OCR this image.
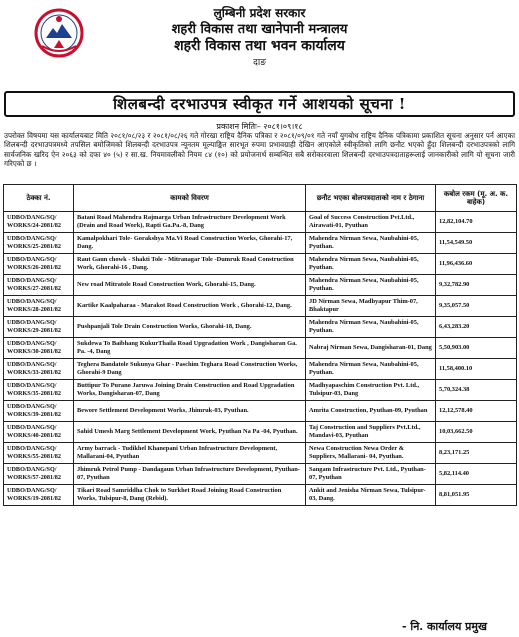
लुम्बिनी प्रदेश सरकार
शहरी विकास तथा खानेपानी मन्त्रालय
शहरी विकास तथा भवन कार्यालय
दाङ
शिलबन्दी दरभाउपत्र स्वीकृत गर्ने आशयको सूचना !
प्रकाशन मितिः– २०८१।०९।१८
उपरोक्त विषयमा यस कार्यालयबाट मिति २०८१/०८/२३ र २०८१/०८/२६ गते गोरखा राष्ट्रिय दैनिक पत्रिका र २०८१/०९/०१ गते नयाँ युगबोध राष्ट्रिय दैनिक पत्रिकामा प्रकाशित सूचना अनुसार पर्न आएका शिलबन्दी दरभाउपत्रमध्ये तपसिल बमोजिमको शिलबन्दी दरभाउपत्र न्यूनतम मूल्याङ्कित सारभूत रुपमा प्रभावग्राही देखिन आएकोले स्वीकृतिको लागि छनौट भएको हुँदा शिलबन्दी दरभाउपत्रको लागि सार्वजनिक खरिद ऐन २०६३ को दफा ४० (५) र सा.ख. नियमावलीको नियम ८४ (१०) को प्रयोजनार्थ सम्बन्धित सबै सरोकारवाला शिलबन्दी दरभाउपत्रदाताहरूलाई जानकारीको लागि यो सूचना जारी गरिएको छ ।
ठेक्का नं.	कामको विवरण	छनौट भएका बोलपत्रदाताको नाम र ठेगाना	कबोल रकम (मू. अ. क. बाहेक)
UDBO/DANG/SQ/ WORKS/24-2081/82	Batani Road Mahendra Rajmarga Urban Infrastructure Development Work (Drain and Road Work), Rapti Ga.Pa.-8, Dang	Goal of Success Construction Pvt.Ltd., Airawati-01, Pyuthan	12,82,104.70
UDBO/DANG/SQ/ WORKS/25-2081/82	Kamalpokhari Tole- Gorakshya Ma.Vi Road Construction Works, Ghorahi-17, Dang.	Mahendra Nirman Sewa, Naubahini-05, Pyuthan.	11,54,549.50
UDBO/DANG/SQ/ WORKS/26-2081/82	Raut Gaun chowk - Shakti Tole - Mitranagar Tole -Dumruk Road Construction Work, Ghorahi-16 , Dang.	Mahendra Nirman Sewa, Naubahini-05, Pyuthan.	11,96,436.60
UDBO/DANG/SQ/ WORKS/27-2081/82	New road Mitratole Road Construction Work, Ghorahi-15, Dang.	Mahendra Nirman Sewa, Naubahini-05, Pyuthan.	9,32,782.90
UDBO/DANG/SQ/ WORKS/28-2081/82	Kartike Kaalpaharaa - Marakot Road Construction Work , Ghorahi-12, Dang.	JD Nirman Sewa, Madhyapur Thim-07, Bhaktapur	9,35,057.50
UDBO/DANG/SQ/ WORKS/29-2081/82	Pushpanjali Tole Drain Construction Works, Ghorahi-18, Dang.	Mahendra Nirman Sewa, Naubahini-05, Pyuthan.	6,43,283.20
UDBO/DANG/SQ/ WORKS/30-2081/82	Sukdewa To Baibhang KukurThaila Road Upgradation Work , Dangisharan Ga. Pa. -4, Dang	Nabraj Nirman Sewa, Dangisharan-01, Dang	5,50,903.00
UDBO/DANG/SQ/ WORKS/33-2081/82	Teghera Bandatole Sukunya Ghar - Paschim Teghara Road Construction Works, Ghorahi-9 Dang	Mahendra Nirman Sewa, Naubahini-05, Pyuthan.	11,58,400.10
UDBO/DANG/SQ/ WORKS/35-2081/82	Buttipur To Purano Jaruwa Joining Drain Construction and Road Upgradation Works, Dangisharan-07, Dang	Madhyapaschim Construction Pvt. Ltd., Tulsipur-03, Dang	5,70,324.38
UDBO/DANG/SQ/ WORKS/39-2081/82	Bewore Settlement Development Works, Jhimruk-03, Pyuthan.	Amrita Construction, Pyuthan-09, Pyuthan	12,12,578.40
UDBO/DANG/SQ/ WORKS/40-2081/82	Sahid Umesh Marg Settlement Development Work, Pyuthan Na Pa -04, Pyuthan.	Taj Construction and Suppliers Pvt.Ltd., Mandavi-03, Pyuthan	10,03,662.50
UDBO/DANG/SQ/ WORKS/55-2081/82	Army barrack - Tudikhel Khanepani Urban Infrastructure Development, Mallarani-04, Pyuthan	Newa Construction Newa Order & Suppliers, Mallarani- 04, Pyuthan.	8,23,171.25
UDBO/DANG/SQ/ WORKS/57-2081/82	Jhimruk Petrol Pump - Dandagaun Urban Infrastructure Development, Pyuthan-07, Pyuthan	Sangam Infrastructure Pvt. Ltd., Pyuthan-07, Pyuthan	5,82,114.40
UDBO/DANG/SQ/ WORKS/19-2081/82	Tikari Road Samriddha Chok to Surkhet Road Joining Road Construction Works, Tulsipur-8, Dang (Rebid).	Ankit and Jenisha Nirman Sewa, Tulsipur-03, Dang.	8,81,051.95
- नि. कार्यालय प्रमुख
